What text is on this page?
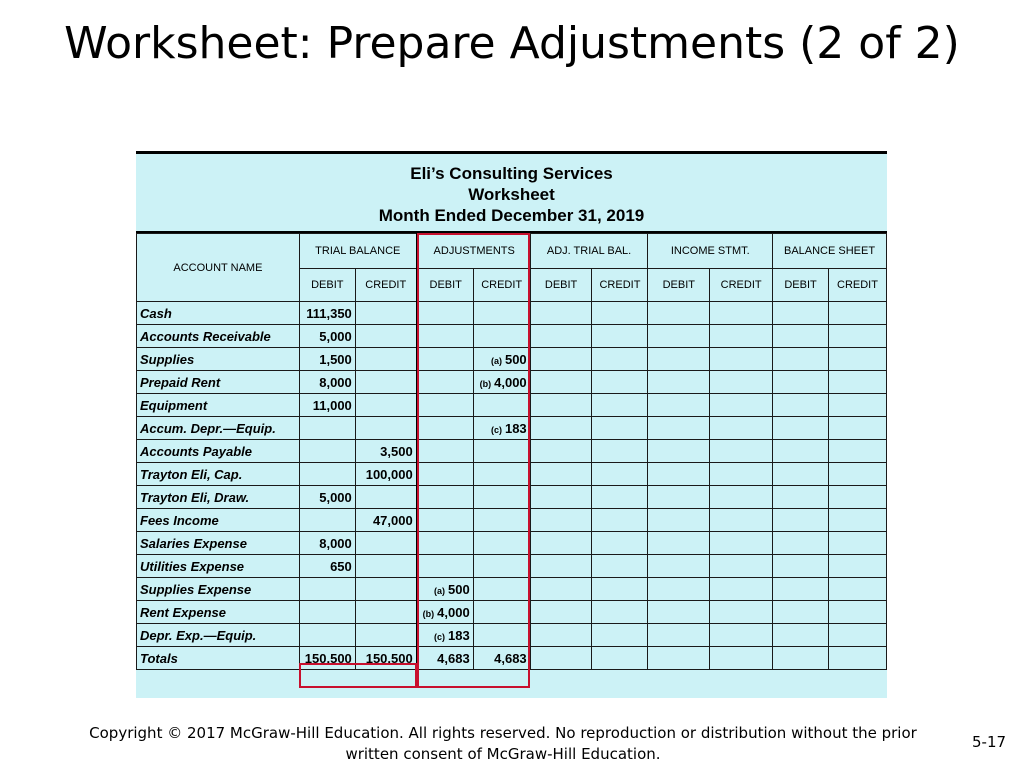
Worksheet: Prepare Adjustments (2 of 2)
Eli’s Consulting Services
Worksheet
Month Ended December 31, 2019
ACCOUNT NAME	TRIAL BALANCE		ADJUSTMENTS		ADJ. TRIAL BAL.		INCOME STMT.		BALANCE SHEET	
	DEBIT	CREDIT	DEBIT	CREDIT	DEBIT	CREDIT	DEBIT	CREDIT	DEBIT	CREDIT
Cash	111,350									
Accounts Receivable	5,000									
Supplies	1,500			(a) 500						
Prepaid Rent	8,000			(b) 4,000						
Equipment	11,000									
Accum. Depr.—Equip.				(c) 183						
Accounts Payable		3,500								
Trayton Eli, Cap.		100,000								
Trayton Eli, Draw.	5,000									
Fees Income		47,000								
Salaries Expense	8,000									
Utilities Expense	650									
Supplies Expense			(a) 500							
Rent Expense			(b) 4,000							
Depr. Exp.—Equip.			(c) 183							
Totals	150,500	150,500	4,683	4,683						
Copyright © 2017 McGraw-Hill Education. All rights reserved. No reproduction or distribution without the prior written consent of McGraw-Hill Education.
5-17
